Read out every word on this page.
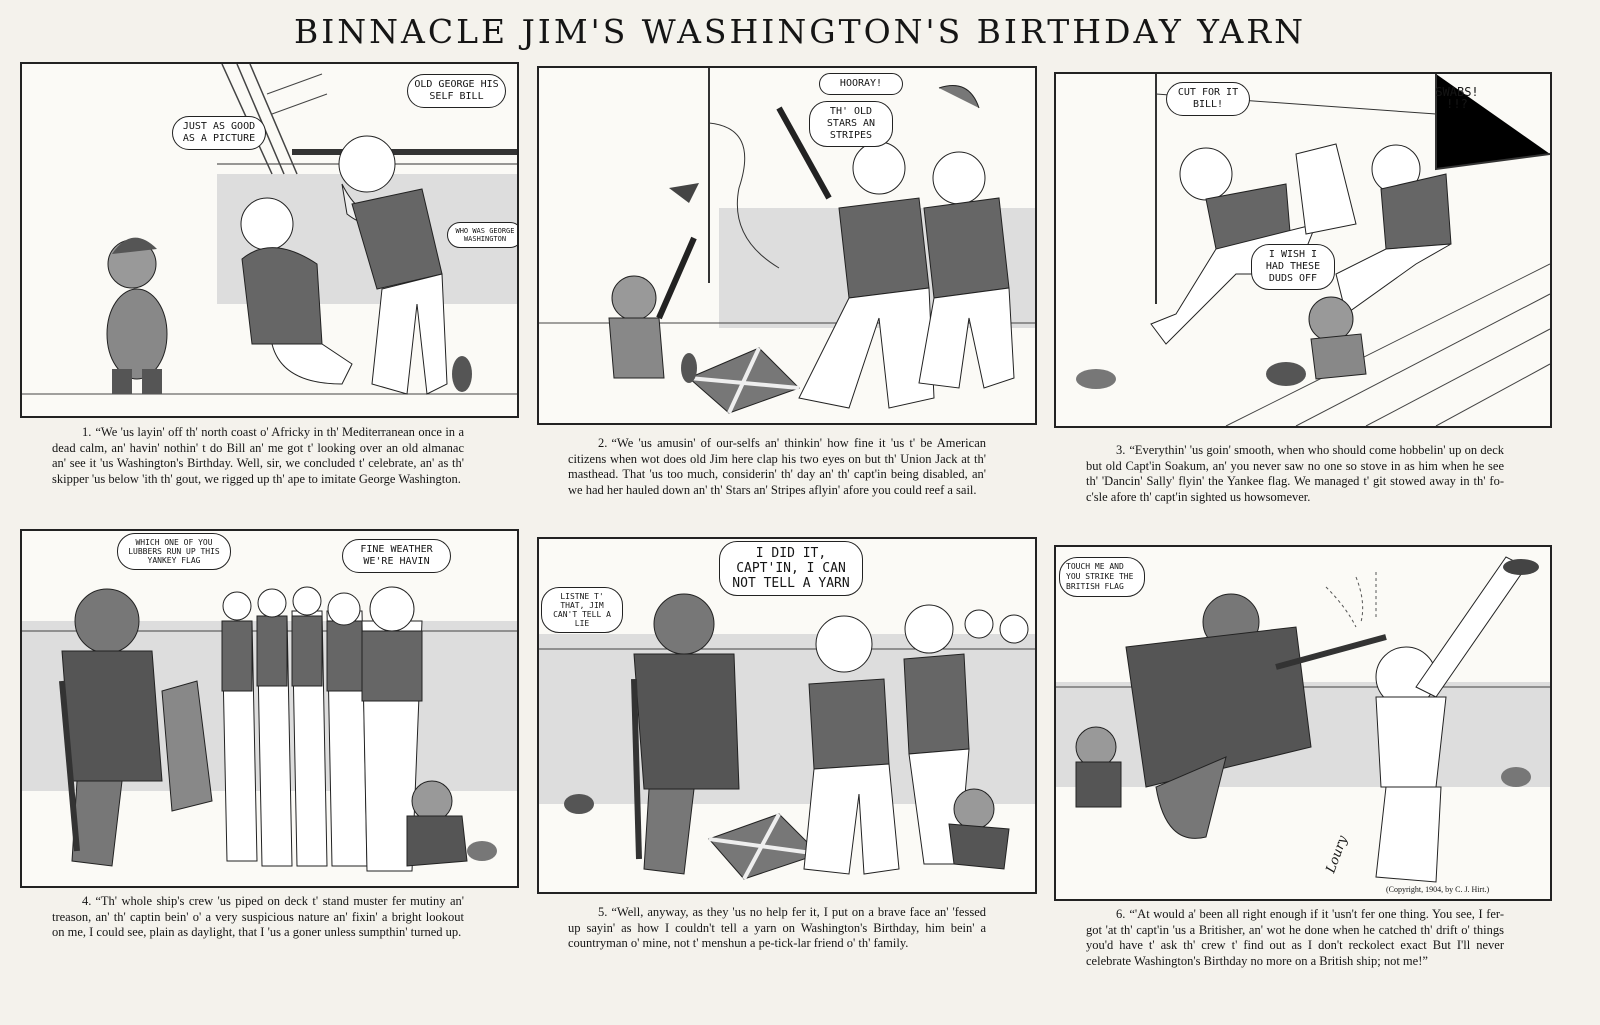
BINNACLE JIM'S WASHINGTON'S BIRTHDAY YARN
JUST AS GOOD AS A PICTURE
OLD GEORGE HIS SELF BILL
WHO WAS GEORGE WASHINGTON
1. “We 'us layin' off th' north coast o' Africky in th' Mediterranean once in a dead calm, an' havin' nothin' t do Bill an' me got t' looking over an old almanac an' see it 'us Washington's Birthday. Well, sir, we concluded t' celebrate, an' as th' skipper 'us below 'ith th' gout, we rigged up th' ape to imitate George Washington.
HOORAY!
TH' OLD STARS AN STRIPES
2. “We 'us amusin' of our-selfs an' thinkin' how fine it 'us t' be American citizens when wot does old Jim here clap his two eyes on but th' Union Jack at th' masthead. That 'us too much, considerin' th' day an' th' capt'in being disabled, an' we had her hauled down an' th' Stars an' Stripes aflyin' afore you could reef a sail.
CUT FOR IT BILL!
SWABS! !!?
I WISH I HAD THESE DUDS OFF
3. “Everythin' 'us goin' smooth, when who should come hobbelin' up on deck but old Capt'in Soakum, an' you never saw no one so stove in as him when he see th' 'Dancin' Sally' flyin' the Yankee flag. We managed t' git stowed away in th' fo-c'sle afore th' capt'in sighted us howsomever.
WHICH ONE OF YOU LUBBERS RUN UP THIS YANKEY FLAG
FINE WEATHER WE'RE HAVIN
4. “Th' whole ship's crew 'us piped on deck t' stand muster fer mutiny an' treason, an' th' captin bein' o' a very suspicious nature an' fixin' a bright lookout on me, I could see, plain as daylight, that I 'us a goner unless sumpthin' turned up.
LISTNE T' THAT, JIM CAN'T TELL A LIE
I DID IT, CAPT'IN, I CAN NOT TELL A YARN
5. “Well, anyway, as they 'us no help fer it, I put on a brave face an' 'fessed up sayin' as how I couldn't tell a yarn on Washington's Birthday, him bein' a countryman o' mine, not t' menshun a pe-tick-lar friend o' th' family.
TOUCH ME AND YOU STRIKE THE BRITISH FLAG
Loury
(Copyright, 1904, by C. J. Hirt.)
6. “'At would a' been all right enough if it 'usn't fer one thing. You see, I fer-got 'at th' capt'in 'us a Britisher, an' wot he done when he catched th' drift o' things you'd have t' ask th' crew t' find out as I don't reckolect exact But I'll never celebrate Washington's Birthday no more on a British ship; not me!”
